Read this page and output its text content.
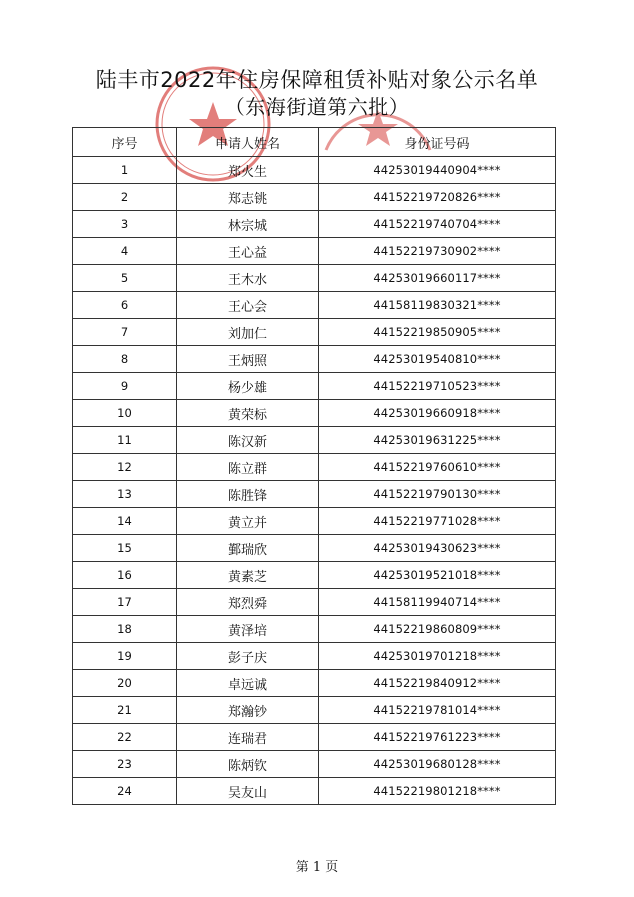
陆丰市2022年住房保障租赁补贴对象公示名单
（东海街道第六批）
序号	申请人姓名	身份证号码
1	郑火生	44253019440904****
2	郑志铫	44152219720826****
3	林宗城	44152219740704****
4	王心益	44152219730902****
5	王木水	44253019660117****
6	王心会	44158119830321****
7	刘加仁	44152219850905****
8	王炳照	44253019540810****
9	杨少雄	44152219710523****
10	黄荣标	44253019660918****
11	陈汉新	44253019631225****
12	陈立群	44152219760610****
13	陈胜锋	44152219790130****
14	黄立并	44152219771028****
15	鄞瑞欣	44253019430623****
16	黄素芝	44253019521018****
17	郑烈舜	44158119940714****
18	黄泽培	44152219860809****
19	彭子庆	44253019701218****
20	卓远诚	44152219840912****
21	郑瀚钞	44152219781014****
22	连瑞君	44152219761223****
23	陈炳钦	44253019680128****
24	吴友山	44152219801218****
第 1 页
